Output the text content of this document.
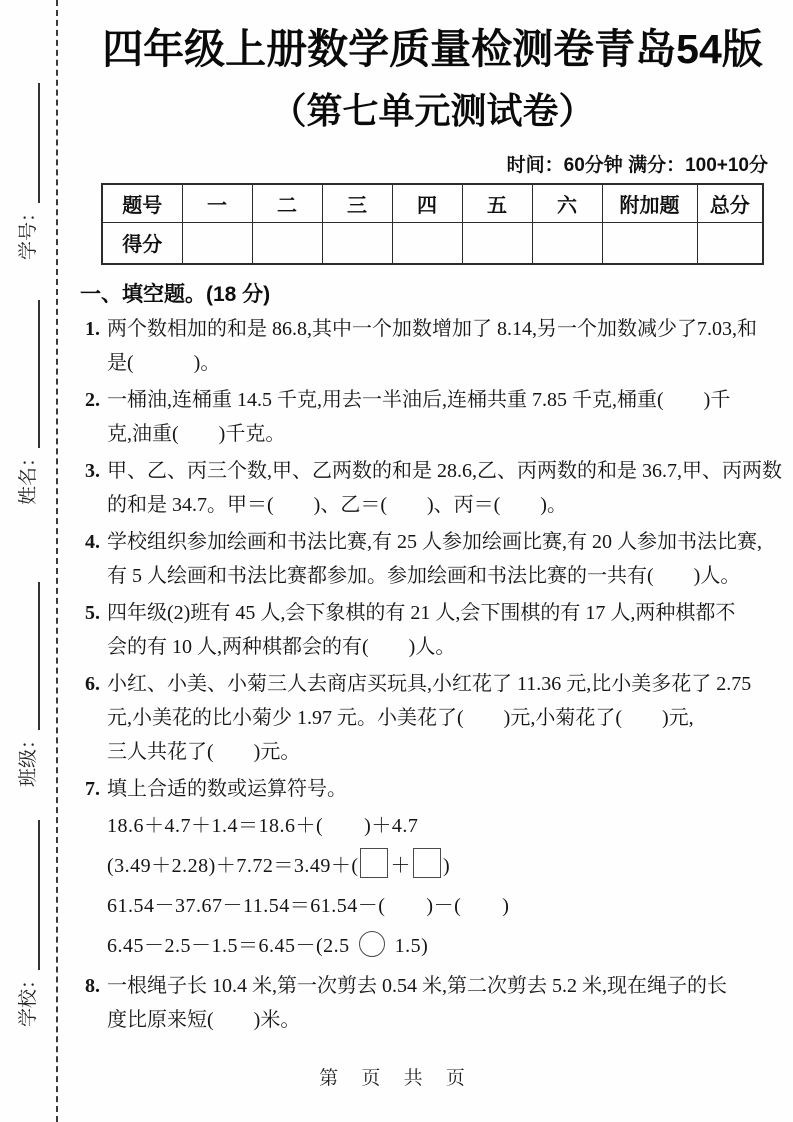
学号：
姓名：
班级：
学校：
四年级上册数学质量检测卷青岛54版
（第七单元测试卷）
时间：60分钟 满分：100+10分
题号	一	二	三	四	五	六	附加题	总分
得分								
一、填空题。(18 分)
1. 两个数相加的和是 86.8,其中一个加数增加了 8.14,另一个加数减少了7.03,和
是(　　　)。
2. 一桶油,连桶重 14.5 千克,用去一半油后,连桶共重 7.85 千克,桶重(　　)千
克,油重(　　)千克。
3. 甲、乙、丙三个数,甲、乙两数的和是 28.6,乙、丙两数的和是 36.7,甲、丙两数
的和是 34.7。甲＝(　　)、乙＝(　　)、丙＝(　　)。
4. 学校组织参加绘画和书法比赛,有 25 人参加绘画比赛,有 20 人参加书法比赛,
有 5 人绘画和书法比赛都参加。参加绘画和书法比赛的一共有(　　)人。
5. 四年级(2)班有 45 人,会下象棋的有 21 人,会下围棋的有 17 人,两种棋都不
会的有 10 人,两种棋都会的有(　　)人。
6. 小红、小美、小菊三人去商店买玩具,小红花了 11.36 元,比小美多花了 2.75
元,小美花的比小菊少 1.97 元。小美花了(　　)元,小菊花了(　　)元,
三人共花了(　　)元。
7. 填上合适的数或运算符号。
18.6＋4.7＋1.4＝18.6＋(　　)＋4.7
(3.49＋2.28)＋7.72＝3.49＋( ＋ )
61.54－37.67－11.54＝61.54－(　　)－(　　)
6.45－2.5－1.5＝6.45－(2.5  1.5)
8. 一根绳子长 10.4 米,第一次剪去 0.54 米,第二次剪去 5.2 米,现在绳子的长
度比原来短(　　)米。
第 页 共 页
